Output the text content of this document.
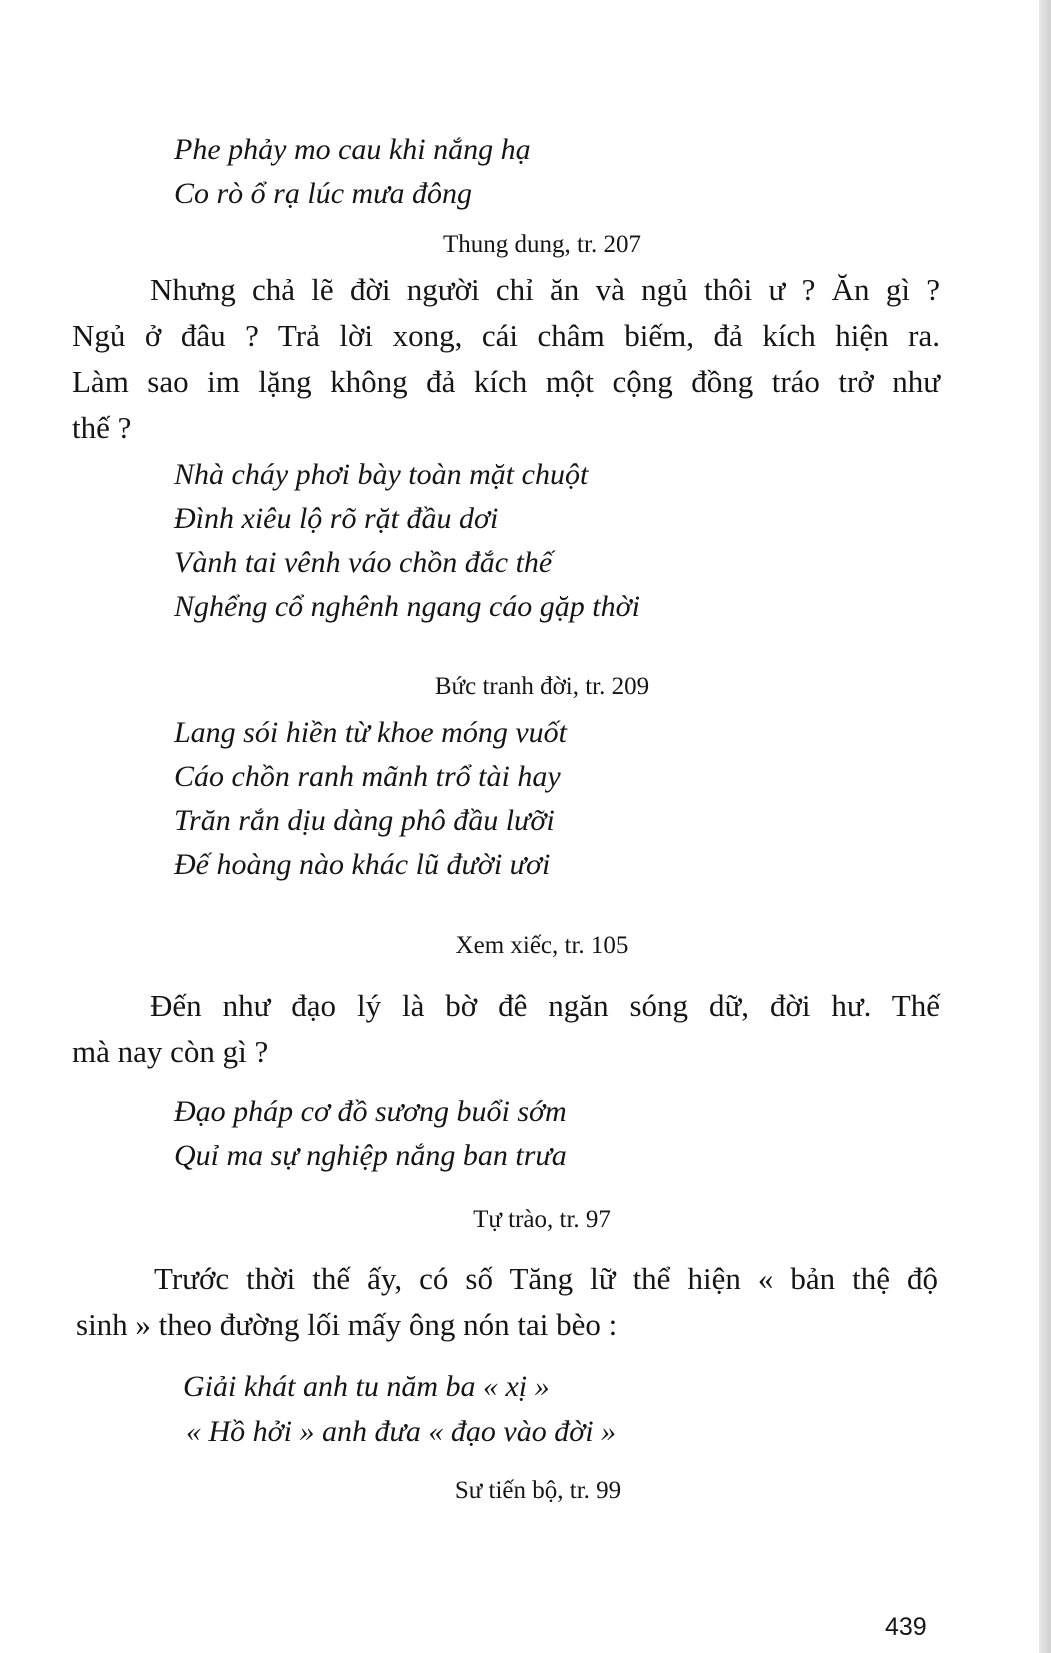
Phe phảy mo cau khi nắng hạ

Co rò ổ rạ lúc mưa đông

Thung dung, tr. 207

Nhưng chả lẽ đời người chỉ ăn và ngủ thôi ư ? Ăn gì ?
Ngủ ở đâu ? Trả lời xong, cái châm biếm, đả kích hiện ra.
Làm sao im lặng không đả kích một cộng đồng tráo trở như
thế ?

Nhà cháy phơi bày toàn mặt chuột

Đình xiêu lộ rõ rặt đầu dơi

Vành tai vênh váo chồn đắc thế

Nghểng cổ nghênh ngang cáo gặp thời

Bức tranh đời, tr. 209

Lang sói hiền từ khoe móng vuốt

Cáo chồn ranh mãnh trổ tài hay

Trăn rắn dịu dàng phô đầu lưỡi

Đế hoàng nào khác lũ đười ươi

Xem xiếc, tr. 105

Đến như đạo lý là bờ đê ngăn sóng dữ, đời hư. Thế
mà nay còn gì ?

Đạo pháp cơ đồ sương buổi sớm

Quỉ ma sự nghiệp nắng ban trưa

Tự trào, tr. 97

Trước thời thế ấy, có số Tăng lữ thể hiện « bản thệ độ
sinh » theo đường lối mấy ông nón tai bèo :

Giải khát anh tu năm ba « xị »

« Hồ hởi » anh đưa « đạo vào đời »

Sư tiến bộ, tr. 99

439
